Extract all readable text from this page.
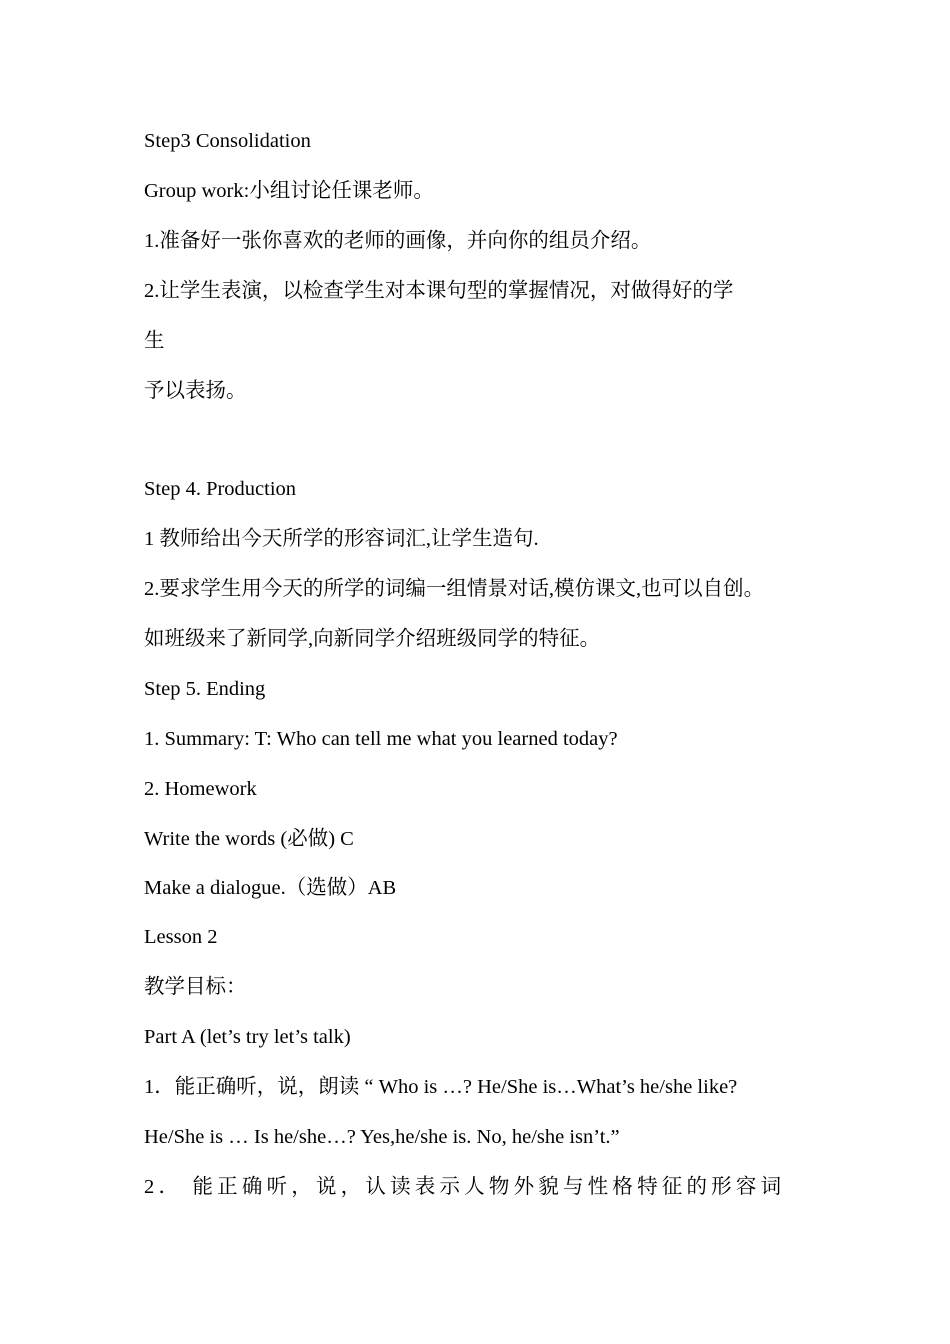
Step3 Consolidation
Group work:小组讨论任课老师。
1.准备好一张你喜欢的老师的画像，并向你的组员介绍。
2.让学生表演，以检查学生对本课句型的掌握情况，对做得好的学
生
予以表扬。
Step 4. Production
1 教师给出今天所学的形容词汇,让学生造句.
2.要求学生用今天的所学的词编一组情景对话,模仿课文,也可以自创。
如班级来了新同学,向新同学介绍班级同学的特征。
Step 5. Ending
1. Summary: T: Who can tell me what you learned today?
2. Homework
Write the words (必做) C
Make a dialogue.（选做）AB
Lesson 2
教学目标：
Part A (let’s try let’s talk)
1．能正确听，说，朗读 “ Who is …? He/She is…What’s he/she like?
He/She is … Is he/she…? Yes,he/she is. No, he/she isn’t.”
2． 能正确听，说，认读表示人物外貌与性格特征的形容词
